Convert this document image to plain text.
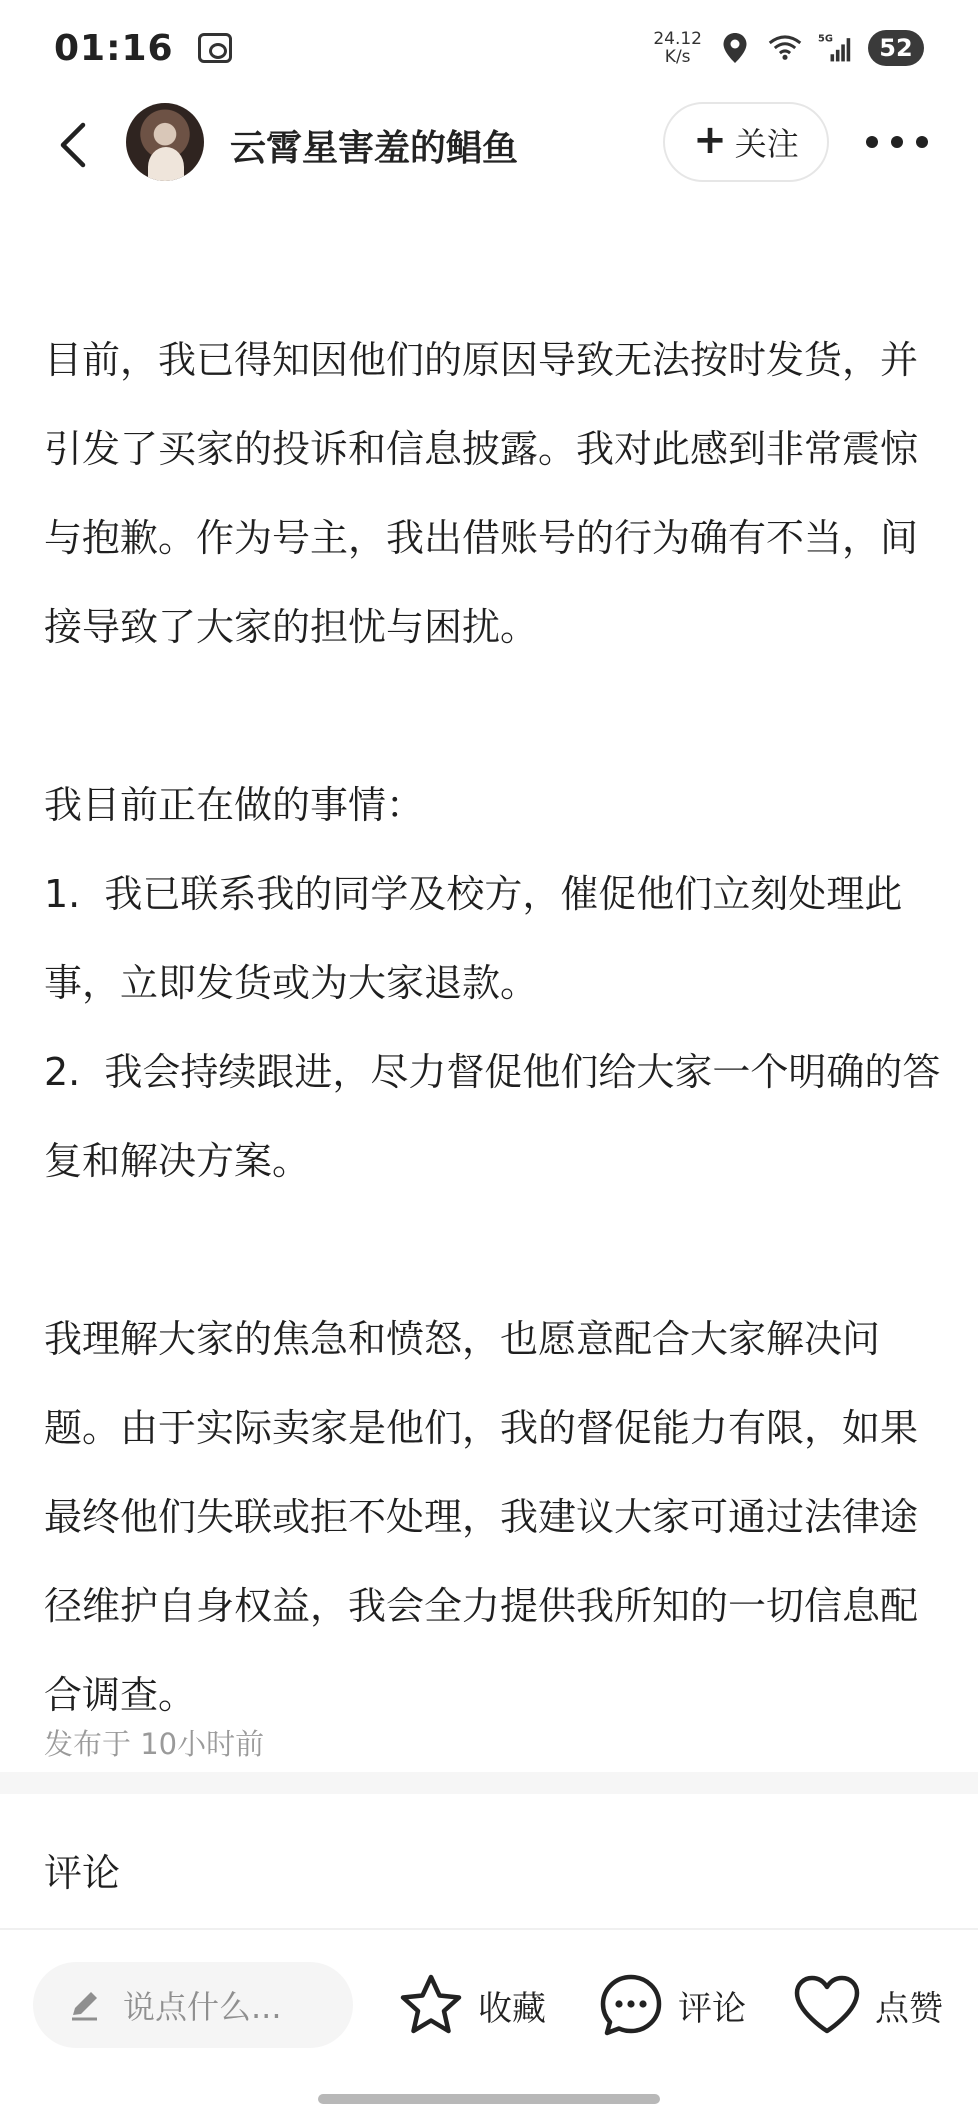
01:16	24.12
K/s
5G	52
云霄星害羞的鲳鱼	+ 关注

目前，我已得知因他们的原因导致无法按时发货，并引发了买家的投诉和信息披露。我对此感到非常震惊与抱歉。作为号主，我出借账号的行为确有不当，间接导致了大家的担忧与困扰。

我目前正在做的事情：

1.  我已联系我的同学及校方，催促他们立刻处理此事，立即发货或为大家退款。

2.  我会持续跟进，尽力督促他们给大家一个明确的答复和解决方案。

我理解大家的焦急和愤怒，也愿意配合大家解决问题。由于实际卖家是他们，我的督促能力有限，如果最终他们失联或拒不处理，我建议大家可通过法律途径维护自身权益，我会全力提供我所知的一切信息配合调查。

发布于 10小时前
评论
说点什么...	收藏	评论	点赞
